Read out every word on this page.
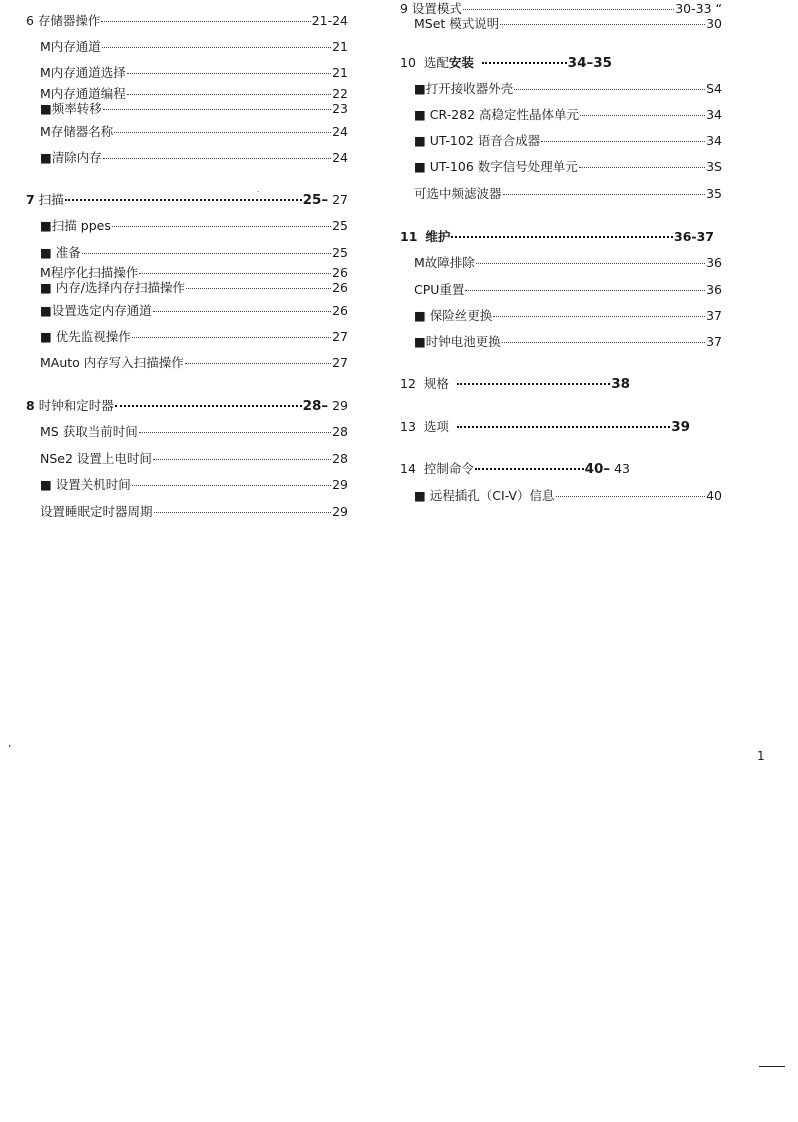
6 存储器操作	21-24
M内存通道	21
M内存通道选择	21
M内存通道编程	22
■频率转移	23
M存储器名称	24
■清除内存	24
7 扫描	25– 27
■扫描 ppes	25
■ 准备	25
M程序化扫描操作	26
■ 内存/选择内存扫描操作	26
■设置选定内存通道	26
■ 优先监视操作	27
MAuto 内存写入扫描操作	27
8 时钟和定时器	28– 29
MS 获取当前时间	28
NSe2 设置上电时间	28
■ 设置关机时间	29
设置睡眠定时器周期	29
9 设置模式	30-33 “
MSet 模式说明	30
10 选配安装	34–35
■打开接收器外壳	S4
■ CR-282 高稳定性晶体单元	34
■ UT-102 语音合成器	34
■ UT-106 数字信号处理单元	3S
可选中频滤波器	35
11 维护	36-37
M故障排除	36
CPU重置	36
■ 保险丝更换	37
■时钟电池更换	37
12 规格	38
13 选项	39
14 控制命令	40– 43
■ 远程插孔（CI-V）信息	40
.
’	1
